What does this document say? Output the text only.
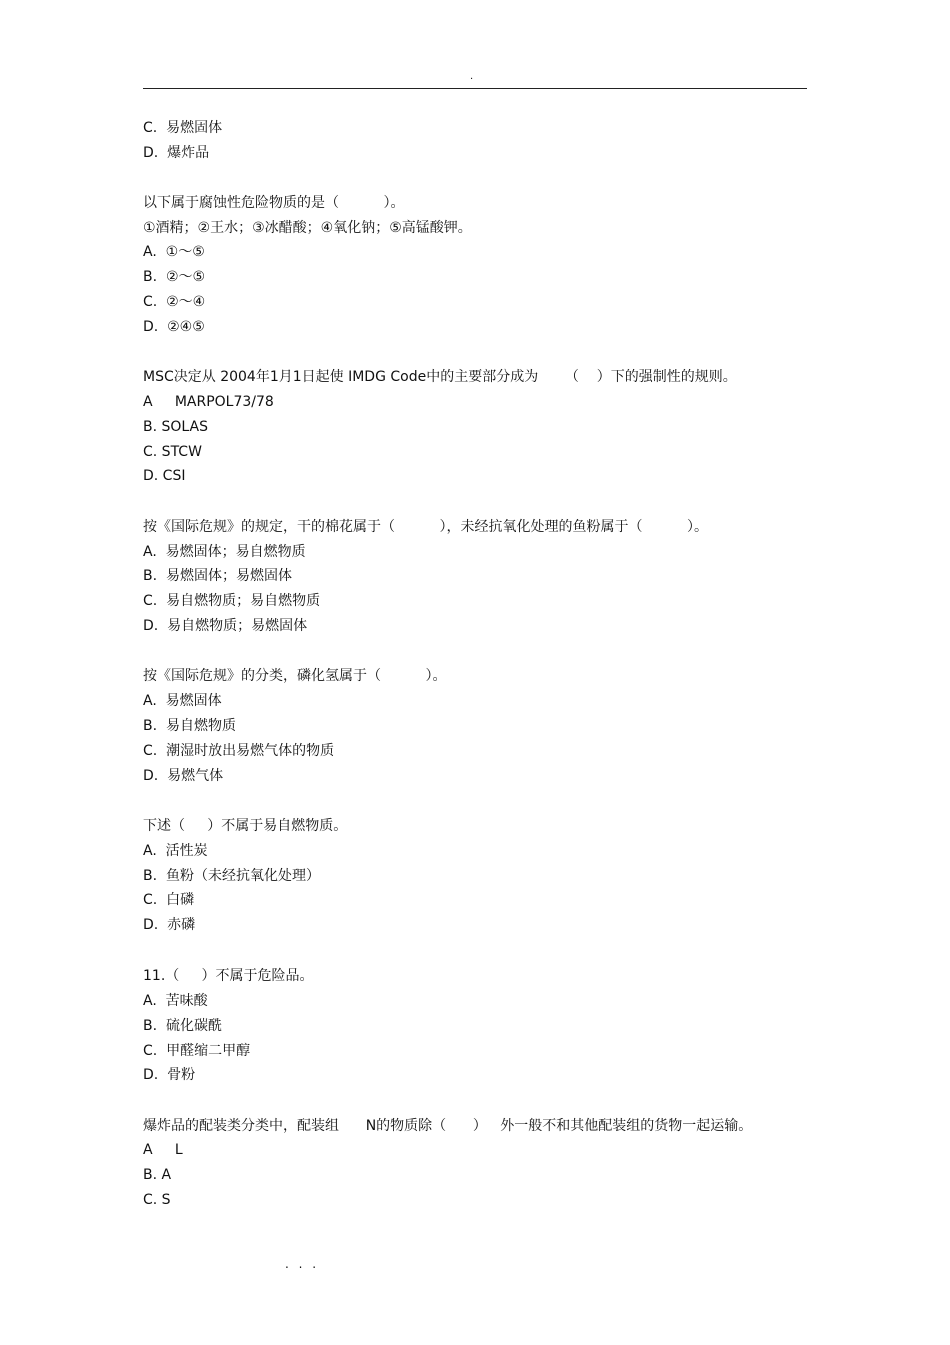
.
C.  易燃固体
D.  爆炸品
以下属于腐蚀性危险物质的是（          ）。
①酒精；②王水；③冰醋酸；④氧化钠；⑤高锰酸钾。
A.  ①～⑤
B.  ②～⑤
C.  ②～④
D.  ②④⑤
MSC决定从 2004年1月1日起使 IMDG Code中的主要部分成为      （    ）下的强制性的规则。
A     MARPOL73/78
B. SOLAS
C. STCW
D. CSI
按《国际危规》的规定，干的棉花属于（          ），未经抗氧化处理的鱼粉属于（          ）。
A.  易燃固体；易自燃物质
B.  易燃固体；易燃固体
C.  易自燃物质；易自燃物质
D.  易自燃物质；易燃固体
按《国际危规》的分类，磷化氢属于（          ）。
A.  易燃固体
B.  易自燃物质
C.  潮湿时放出易燃气体的物质
D.  易燃气体
下述（     ）不属于易自燃物质。
A.  活性炭
B.  鱼粉（未经抗氧化处理）
C.  白磷
D.  赤磷
11.（     ）不属于危险品。
A.  苦味酸
B.  硫化碳酰
C.  甲醛缩二甲醇
D.  骨粉
爆炸品的配装类分类中，配装组      N的物质除（      ）   外一般不和其他配装组的货物一起运输。
A     L
B. A
C. S
. . .
